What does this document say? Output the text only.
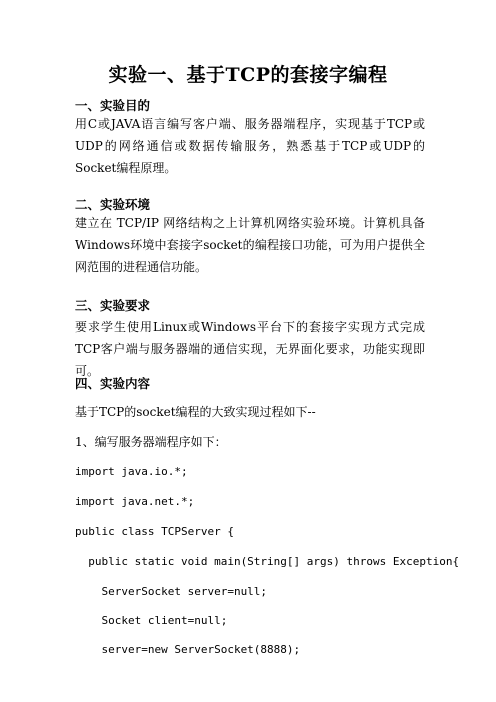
实验一、基于TCP的套接字编程
一、实验目的
用C或JAVA语言编写客户端、服务器端程序，实现基于TCP或UDP的网络通信或数据传输服务，熟悉基于TCP或UDP的Socket编程原理。
二、实验环境
建立在 TCP/IP 网络结构之上计算机网络实验环境。计算机具备Windows环境中套接字socket的编程接口功能，可为用户提供全网范围的进程通信功能。
三、实验要求
要求学生使用Linux或Windows平台下的套接字实现方式完成TCP客户端与服务器端的通信实现，无界面化要求，功能实现即可。
四、实验内容
基于TCP的socket编程的大致实现过程如下--
1、编写服务器端程序如下：
import java.io.*;
import java.net.*;
public class TCPServer {
public static void main(String[] args) throws Exception{
ServerSocket server=null;
Socket client=null;
server=new ServerSocket(8888);
